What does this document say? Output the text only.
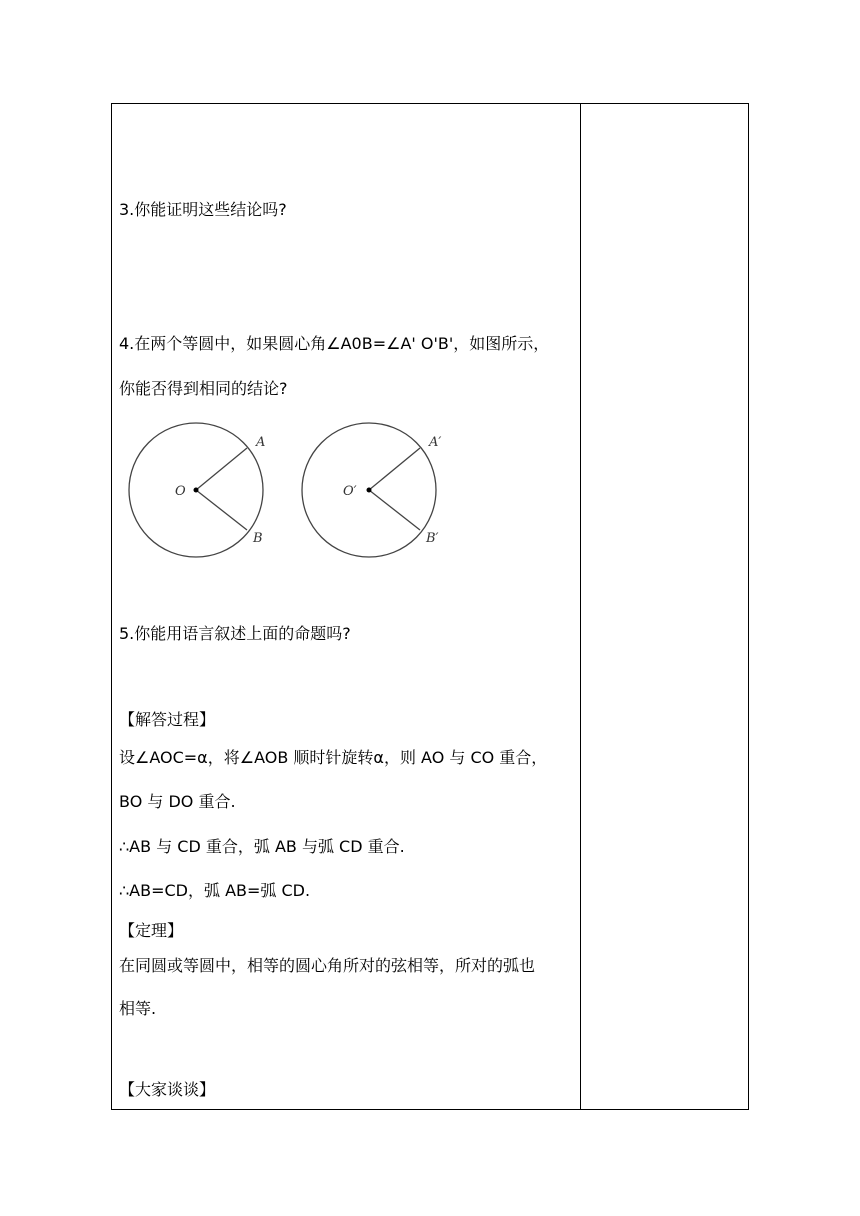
3.你能证明这些结论吗?
4.在两个等圆中，如果圆心角∠A0B=∠A' O'B'，如图所示，
你能否得到相同的结论?
O
A
B
O′
A′
B′
5.你能用语言叙述上面的命题吗?
【解答过程】
设∠AOC=α，将∠AOB 顺时针旋转α，则 AO 与 CO 重合，
BO 与 DO 重合.
∴AB 与 CD 重合，弧 AB 与弧 CD 重合.
∴AB=CD，弧 AB=弧 CD.
【定理】
在同圆或等圆中，相等的圆心角所对的弦相等，所对的弧也
相等.
【大家谈谈】
